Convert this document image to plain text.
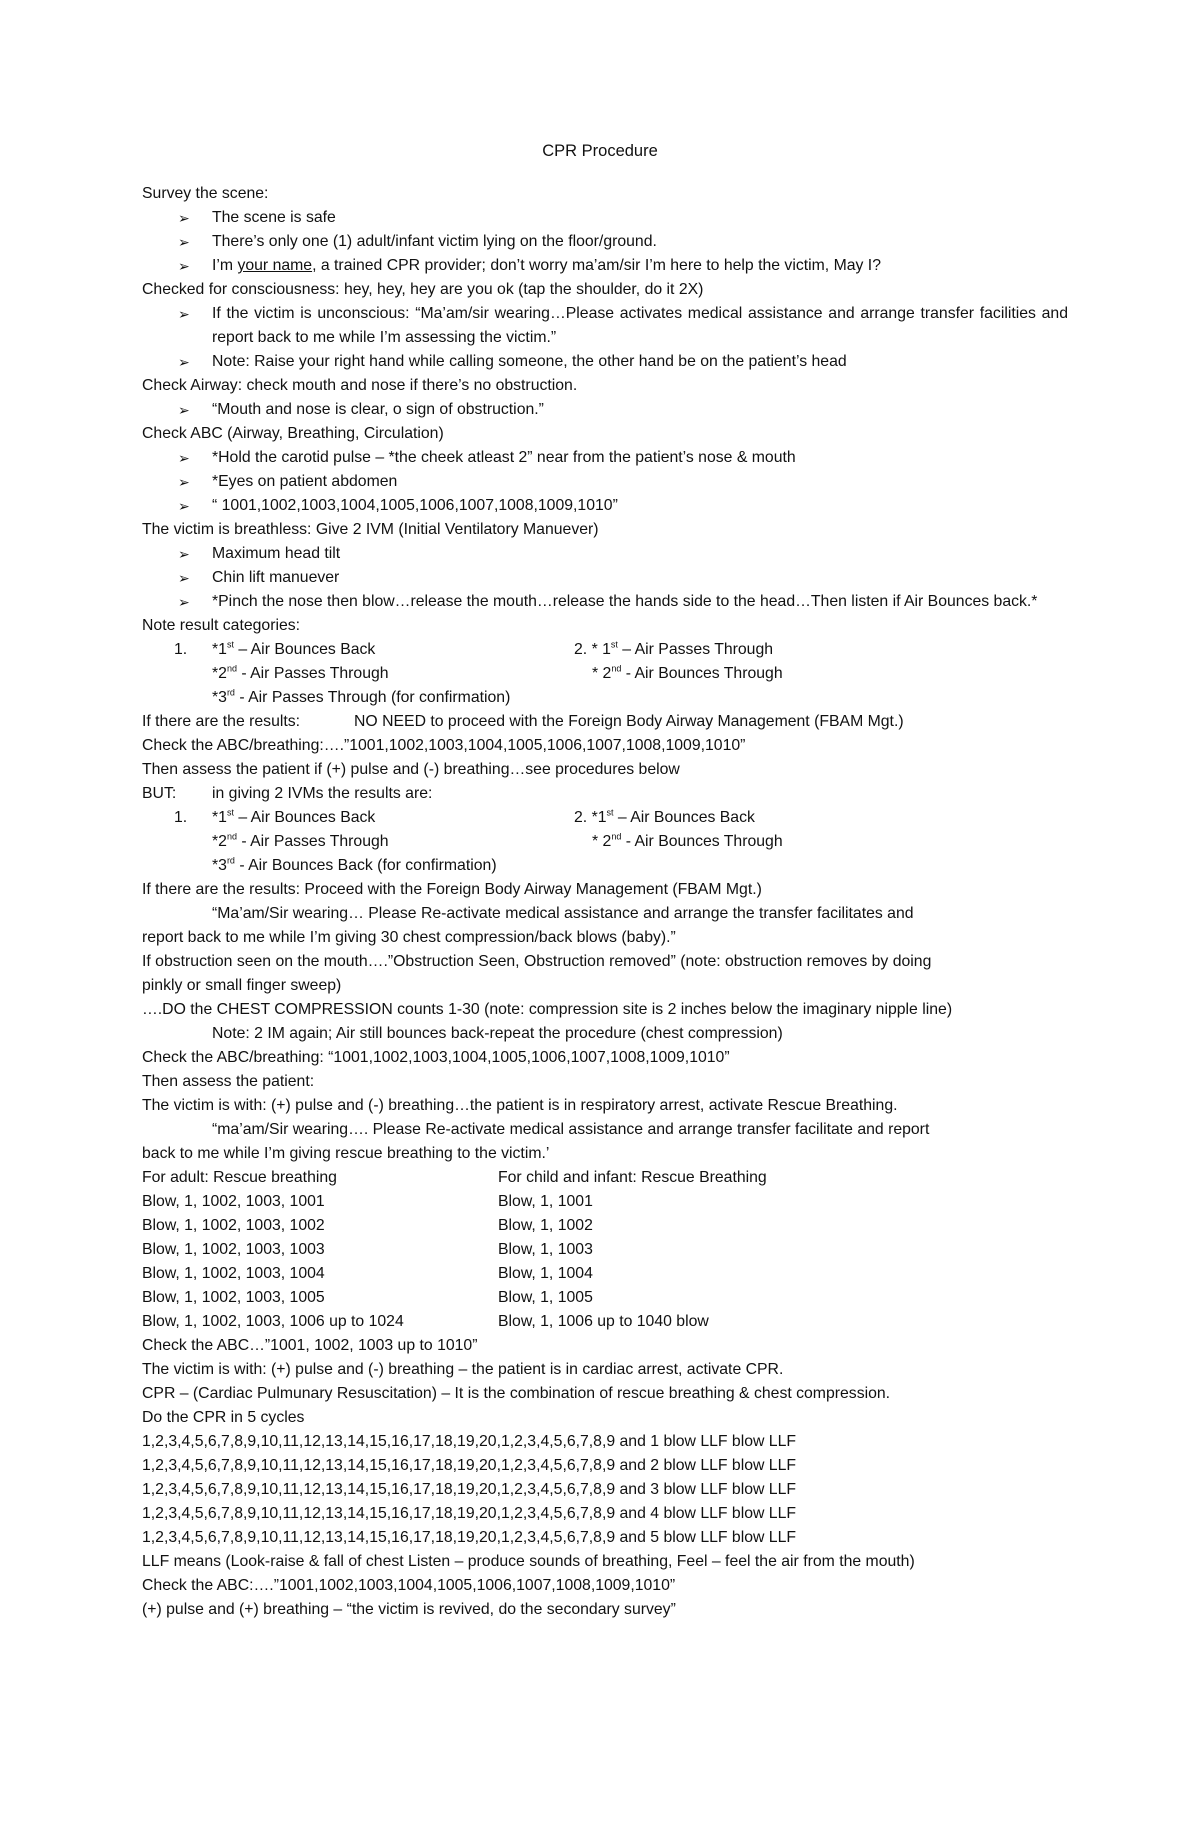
CPR Procedure
Survey the scene:
➢ The scene is safe
➢ There’s only one (1) adult/infant victim lying on the floor/ground.
➢ I’m your name, a trained CPR provider; don’t worry ma’am/sir I’m here to help the victim, May I?
Checked for consciousness: hey, hey, hey are you ok (tap the shoulder, do it 2X)
➢ If the victim is unconscious: “Ma’am/sir wearing…Please activates medical assistance and arrange transfer facilities and report back to me while I’m assessing the victim.”
➢ Note: Raise your right hand while calling someone, the other hand be on the patient’s head
Check Airway: check mouth and nose if there’s no obstruction.
➢ “Mouth and nose is clear, o sign of obstruction.”
Check ABC (Airway, Breathing, Circulation)
➢ *Hold the carotid pulse – *the cheek atleast 2” near from the patient’s nose & mouth
➢ *Eyes on patient abdomen
➢ “ 1001,1002,1003,1004,1005,1006,1007,1008,1009,1010”
The victim is breathless: Give 2 IVM (Initial Ventilatory Manuever)
➢ Maximum head tilt
➢ Chin lift manuever
➢ *Pinch the nose then blow…release the mouth…release the hands side to the head…Then listen if Air Bounces back.*
Note result categories:
1. *1st – Air Bounces Back	2. * 1st – Air Passes Through
*2nd - Air Passes Through	* 2nd - Air Bounces Through
*3rd - Air Passes Through (for confirmation)
If there are the results:	NO NEED to proceed with the Foreign Body Airway Management (FBAM Mgt.)
Check the ABC/breathing:….”1001,1002,1003,1004,1005,1006,1007,1008,1009,1010”
Then assess the patient if (+) pulse and (-) breathing…see procedures below
BUT: in giving 2 IVMs the results are:
1. *1st – Air Bounces Back	2. *1st – Air Bounces Back
*2nd - Air Passes Through	* 2nd - Air Bounces Through
*3rd - Air Bounces Back (for confirmation)
If there are the results: Proceed with the Foreign Body Airway Management (FBAM Mgt.)
“Ma’am/Sir wearing… Please Re-activate medical assistance and arrange the transfer facilitates and
report back to me while I’m giving 30 chest compression/back blows (baby).”
If obstruction seen on the mouth….”Obstruction Seen, Obstruction removed” (note: obstruction removes by doing
pinkly or small finger sweep)
….DO the CHEST COMPRESSION counts 1-30 (note: compression site is 2 inches below the imaginary nipple line)
Note: 2 IM again; Air still bounces back-repeat the procedure (chest compression)
Check the ABC/breathing: “1001,1002,1003,1004,1005,1006,1007,1008,1009,1010”
Then assess the patient:
The victim is with: (+) pulse and (-) breathing…the patient is in respiratory arrest, activate Rescue Breathing.
“ma’am/Sir wearing…. Please Re-activate medical assistance and arrange transfer facilitate and report
back to me while I’m giving rescue breathing to the victim.’
For adult: Rescue breathing	For child and infant: Rescue Breathing
Blow, 1, 1002, 1003, 1001	Blow, 1, 1001
Blow, 1, 1002, 1003, 1002	Blow, 1, 1002
Blow, 1, 1002, 1003, 1003	Blow, 1, 1003
Blow, 1, 1002, 1003, 1004	Blow, 1, 1004
Blow, 1, 1002, 1003, 1005	Blow, 1, 1005
Blow, 1, 1002, 1003, 1006 up to 1024	Blow, 1, 1006 up to 1040 blow
Check the ABC…”1001, 1002, 1003 up to 1010”
The victim is with: (+) pulse and (-) breathing – the patient is in cardiac arrest, activate CPR.
CPR – (Cardiac Pulmunary Resuscitation) – It is the combination of rescue breathing & chest compression.
Do the CPR in 5 cycles
1,2,3,4,5,6,7,8,9,10,11,12,13,14,15,16,17,18,19,20,1,2,3,4,5,6,7,8,9 and 1 blow LLF blow LLF
1,2,3,4,5,6,7,8,9,10,11,12,13,14,15,16,17,18,19,20,1,2,3,4,5,6,7,8,9 and 2 blow LLF blow LLF
1,2,3,4,5,6,7,8,9,10,11,12,13,14,15,16,17,18,19,20,1,2,3,4,5,6,7,8,9 and 3 blow LLF blow LLF
1,2,3,4,5,6,7,8,9,10,11,12,13,14,15,16,17,18,19,20,1,2,3,4,5,6,7,8,9 and 4 blow LLF blow LLF
1,2,3,4,5,6,7,8,9,10,11,12,13,14,15,16,17,18,19,20,1,2,3,4,5,6,7,8,9 and 5 blow LLF blow LLF
LLF means (Look-raise & fall of chest Listen – produce sounds of breathing, Feel – feel the air from the mouth)
Check the ABC:….”1001,1002,1003,1004,1005,1006,1007,1008,1009,1010”
(+) pulse and (+) breathing – “the victim is revived, do the secondary survey”
